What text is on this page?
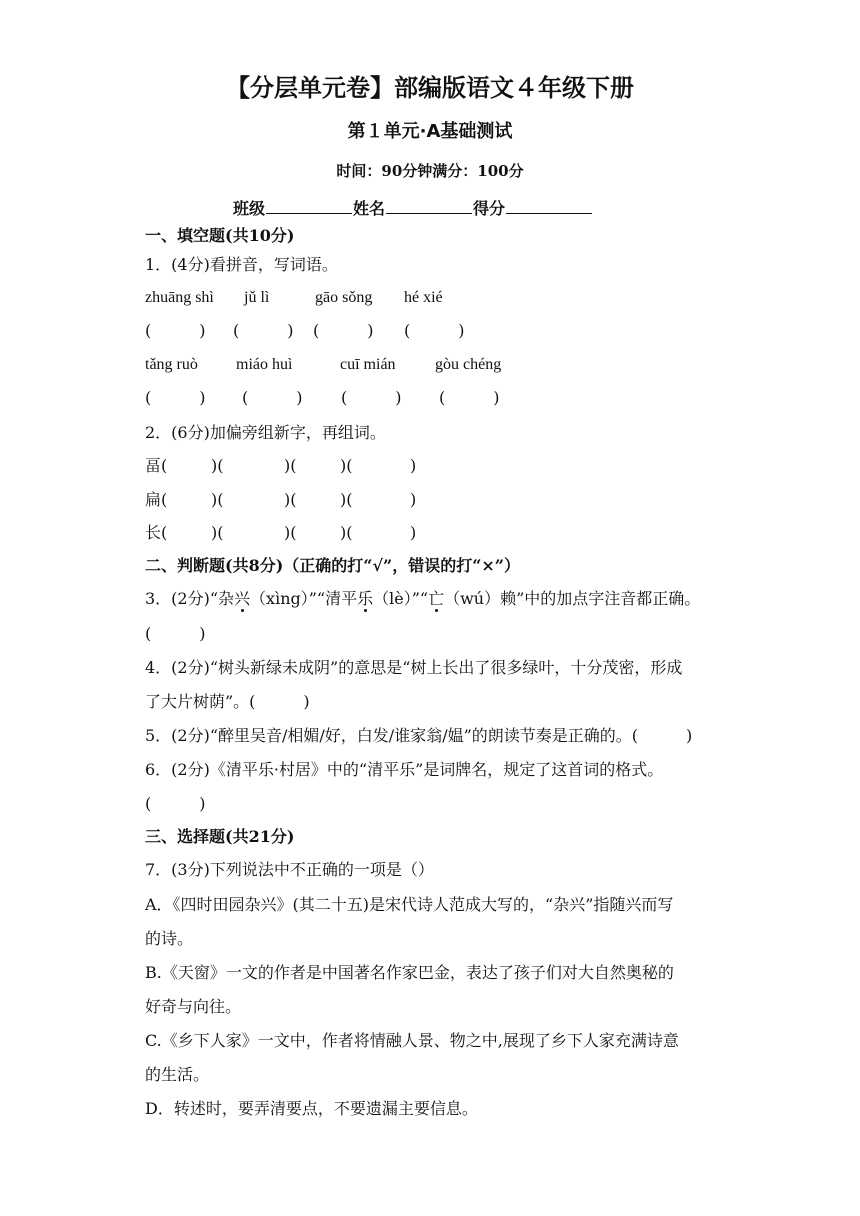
【分层单元卷】部编版语文４年级下册
第１单元·A基础测试
时间：90分钟满分：100分
班级	姓名	得分
一、填空题(共10分)
1．(4分)看拼音，写词语。
zhuāng shì jǔ lì	gāo sǒng hé xié
(　　　) (　　　) (　　　) (　　　)
tǎng ruò miáo huì	cuī mián gòu chéng
(　　　) (　　　) (　　　) (　　　)
2．(6分)加偏旁组新字，再组词。
畐 (	)(	)(	)(	)
扁 (	)(	)(	)(	)
长 (	)(	)(	)(	)
二、判断题(共8分)（正确的打“√”，错误的打“×”）
3．(2分)“杂兴（xìng）”“清平乐（lè）”“亡（wú）赖”中的加点字注音都正确。
(　　　)
4．(2分)“树头新绿未成阴”的意思是“树上长出了很多绿叶，十分茂密，形成
了大片树荫”。(　　　)
5．(2分)“醉里吴音/相媚/好，白发/谁家翁/媪”的朗读节奏是正确的。(　　　)
6．(2分)《清平乐·村居》中的“清平乐”是词牌名，规定了这首词的格式。
(　　　)
三、选择题(共21分)
7．(3分)下列说法中不正确的一项是（）
A．《四时田园杂兴》(其二十五)是宋代诗人范成大写的，“杂兴”指随兴而写
的诗。
B.《天窗》一文的作者是中国著名作家巴金，表达了孩子们对大自然奥秘的
好奇与向往。
C.《乡下人家》一文中，作者将情融人景、物之中,展现了乡下人家充满诗意
的生活。
D．转述时，要弄清要点，不要遗漏主要信息。
